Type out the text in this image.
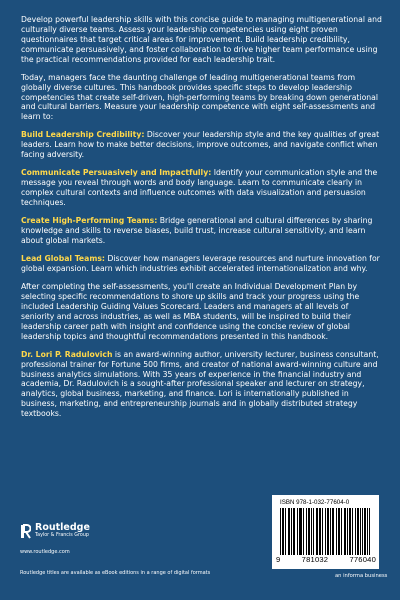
Develop powerful leadership skills with this concise guide to managing multigenerational and culturally diverse teams. Assess your leadership competencies using eight proven questionnaires that target critical areas for improvement. Build leadership credibility, communicate persuasively, and foster collaboration to drive higher team performance using the practical recommendations provided for each leadership trait.

Today, managers face the daunting challenge of leading multigenerational teams from globally diverse cultures. This handbook provides specific steps to develop leadership competencies that create self-driven, high-performing teams by breaking down generational and cultural barriers. Measure your leadership competence with eight self-assessments and learn to:

Build Leadership Credibility: Discover your leadership style and the key qualities of great leaders. Learn how to make better decisions, improve outcomes, and navigate conflict when facing adversity.

Communicate Persuasively and Impactfully: Identify your communication style and the message you reveal through words and body language. Learn to communicate clearly in complex cultural contexts and influence outcomes with data visualization and persuasion techniques.

Create High-Performing Teams: Bridge generational and cultural differences by sharing knowledge and skills to reverse biases, build trust, increase cultural sensitivity, and learn about global markets.

Lead Global Teams: Discover how managers leverage resources and nurture innovation for global expansion. Learn which industries exhibit accelerated internationalization and why.

After completing the self-assessments, you'll create an Individual Development Plan by selecting specific recommendations to shore up skills and track your progress using the included Leadership Guiding Values Scorecard. Leaders and managers at all levels of seniority and across industries, as well as MBA students, will be inspired to build their leadership career path with insight and confidence using the concise review of global leadership topics and thoughtful recommendations presented in this handbook.

Dr. Lori P. Radulovich is an award-winning author, university lecturer, business consultant, professional trainer for Fortune 500 firms, and creator of national award-winning culture and business analytics simulations. With 35 years of experience in the financial industry and academia, Dr. Radulovich is a sought-after professional speaker and lecturer on strategy, analytics, global business, marketing, and finance. Lori is internationally published in business, marketing, and entrepreneurship journals and in globally distributed strategy textbooks.

Routledge
Taylor & Francis Group
www.routledge.com
Routledge titles are available as eBook editions in a range of digital formats
ISBN 978-1-032-77604-0
9	781032	776040
an informa business
